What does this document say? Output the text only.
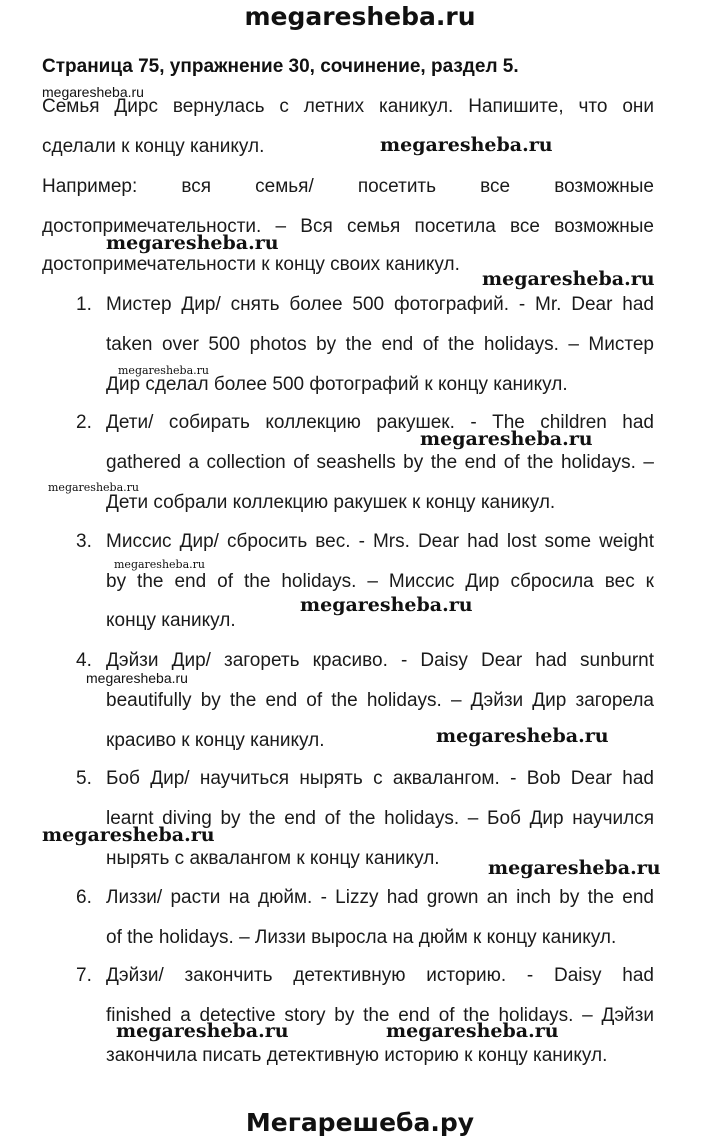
megaresheba.ru
Страница 75, упражнение 30, сочинение, раздел 5.
Семья Дирс вернулась с летних каникул. Напишите, что они
сделали к концу каникул.
Например: вся семья/ посетить все возможные
достопримечательности. – Вся семья посетила все возможные
достопримечательности к концу своих каникул.
1. Мистер Дир/ снять более 500 фотографий. - Mr. Dear had
taken over 500 photos by the end of the holidays. – Мистер
Дир сделал более 500 фотографий к концу каникул.
2. Дети/ собирать коллекцию ракушек. - The children had
gathered a collection of seashells by the end of the holidays. –
Дети собрали коллекцию ракушек к концу каникул.
3. Миссис Дир/ сбросить вес. - Mrs. Dear had lost some weight
by the end of the holidays. – Миссис Дир сбросила вес к
концу каникул.
4. Дэйзи Дир/ загореть красиво. - Daisy Dear had sunburnt
beautifully by the end of the holidays. – Дэйзи Дир загорела
красиво к концу каникул.
5. Боб Дир/ научиться нырять с аквалангом. - Bob Dear had
learnt diving by the end of the holidays. – Боб Дир научился
нырять с аквалангом к концу каникул.
6. Лиззи/ расти на дюйм. - Lizzy had grown an inch by the end
of the holidays. – Лиззи выросла на дюйм к концу каникул.
7. Дэйзи/ закончить детективную историю. - Daisy had
finished a detective story by the end of the holidays. – Дэйзи
закончила писать детективную историю к концу каникул.
megaresheba.ru
megaresheba.ru
megaresheba.ru
megaresheba.ru
megaresheba.ru
megaresheba.ru
megaresheba.ru
megaresheba.ru
megaresheba.ru
megaresheba.ru
megaresheba.ru
megaresheba.ru
megaresheba.ru
megaresheba.ru	megaresheba.ru
Мегарешеба.ру
